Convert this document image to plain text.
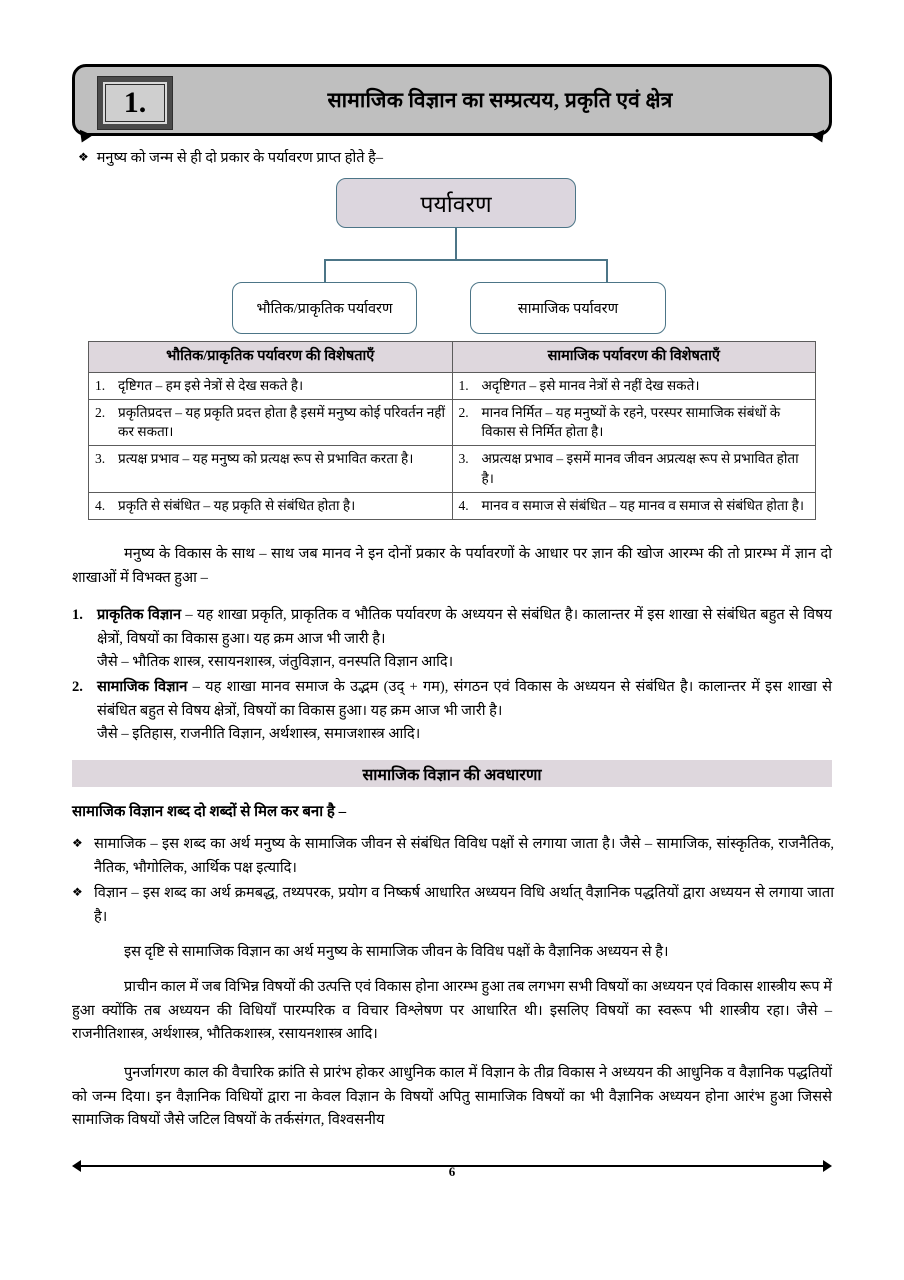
1.	सामाजिक विज्ञान का सम्प्रत्यय, प्रकृति एवं क्षेत्र
❖ मनुष्य को जन्म से ही दो प्रकार के पर्यावरण प्राप्त होते है–
पर्यावरण
भौतिक/प्राकृतिक पर्यावरण	सामाजिक पर्यावरण
भौतिक/प्राकृतिक पर्यावरण की विशेषताएँ	सामाजिक पर्यावरण की विशेषताएँ

1. दृष्टिगत – हम इसे नेत्रों से देख सकते है।	1. अदृष्टिगत – इसे मानव नेत्रों से नहीं देख सकते।

2. प्रकृतिप्रदत्त – यह प्रकृति प्रदत्त होता है इसमें मनुष्य कोई परिवर्तन नहीं कर सकता।	2. मानव निर्मित – यह मनुष्यों के रहने, परस्पर सामाजिक संबंधों के विकास से निर्मित होता है।

3. प्रत्यक्ष प्रभाव – यह मनुष्य को प्रत्यक्ष रूप से प्रभावित करता है।	3. अप्रत्यक्ष प्रभाव – इसमें मानव जीवन अप्रत्यक्ष रूप से प्रभावित होता है।

4. प्रकृति से संबंधित – यह प्रकृति से संबंधित होता है।	4. मानव व समाज से संबंधित – यह मानव व समाज से संबंधित होता है।
मनुष्य के विकास के साथ – साथ जब मानव ने इन दोनों प्रकार के पर्यावरणों के आधार पर ज्ञान की खोज आरम्भ की तो प्रारम्भ में ज्ञान दो शाखाओं में विभक्त हुआ –
1. प्राकृतिक विज्ञान – यह शाखा प्रकृति, प्राकृतिक व भौतिक पर्यावरण के अध्ययन से संबंधित है। कालान्तर में इस शाखा से संबंधित बहुत से विषय क्षेत्रों, विषयों का विकास हुआ। यह क्रम आज भी जारी है।
जैसे – भौतिक शास्त्र, रसायनशास्त्र, जंतुविज्ञान, वनस्पति विज्ञान आदि।
2. सामाजिक विज्ञान – यह शाखा मानव समाज के उद्भम (उद् + गम), संगठन एवं विकास के अध्ययन से संबंधित है। कालान्तर में इस शाखा से संबंधित बहुत से विषय क्षेत्रों, विषयों का विकास हुआ। यह क्रम आज भी जारी है।
जैसे – इतिहास, राजनीति विज्ञान, अर्थशास्त्र, समाजशास्त्र आदि।
सामाजिक विज्ञान की अवधारणा
सामाजिक विज्ञान शब्द दो शब्दों से मिल कर बना है –
❖ सामाजिक – इस शब्द का अर्थ मनुष्य के सामाजिक जीवन से संबंधित विविध पक्षों से लगाया जाता है। जैसे – सामाजिक, सांस्कृतिक, राजनैतिक, नैतिक, भौगोलिक, आर्थिक पक्ष इत्यादि।
❖ विज्ञान – इस शब्द का अर्थ क्रमबद्ध, तथ्यपरक, प्रयोग व निष्कर्ष आधारित अध्ययन विधि अर्थात् वैज्ञानिक पद्धतियों द्वारा अध्ययन से लगाया जाता है।
इस दृष्टि से सामाजिक विज्ञान का अर्थ मनुष्य के सामाजिक जीवन के विविध पक्षों के वैज्ञानिक अध्ययन से है।
प्राचीन काल में जब विभिन्न विषयों की उत्पत्ति एवं विकास होना आरम्भ हुआ तब लगभग सभी विषयों का अध्ययन एवं विकास शास्त्रीय रूप में हुआ क्योंकि तब अध्ययन की विधियाँ पारम्परिक व विचार विश्लेषण पर आधारित थी। इसलिए विषयों का स्वरूप भी शास्त्रीय रहा। जैसे – राजनीतिशास्त्र, अर्थशास्त्र, भौतिकशास्त्र, रसायनशास्त्र आदि।
पुनर्जागरण काल की वैचारिक क्रांति से प्रारंभ होकर आधुनिक काल में विज्ञान के तीव्र विकास ने अध्ययन की आधुनिक व वैज्ञानिक पद्धतियों को जन्म दिया। इन वैज्ञानिक विधियों द्वारा ना केवल विज्ञान के विषयों अपितु सामाजिक विषयों का भी वैज्ञानिक अध्ययन होना आरंभ हुआ जिससे सामाजिक विषयों जैसे जटिल विषयों के तर्कसंगत, विश्वसनीय
6
